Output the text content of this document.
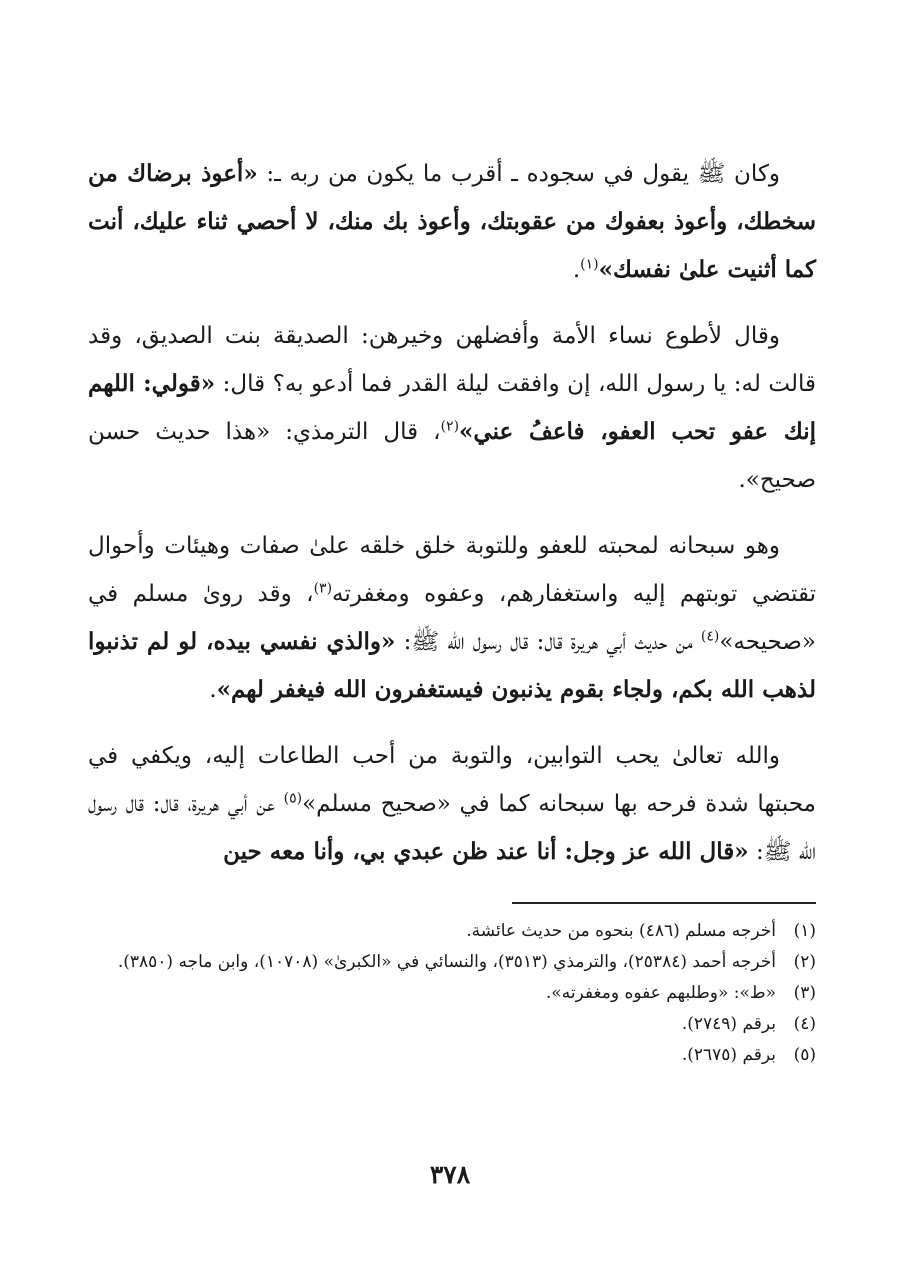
وكان ﷺ يقول في سجوده ـ أقرب ما يكون من ربه ـ: «أعوذ برضاك من سخطك، وأعوذ بعفوك من عقوبتك، وأعوذ بك منك، لا أحصي ثناء عليك، أنت كما أثنيت علىٰ نفسك»$^{(١)}$.

وقال لأطوع نساء الأمة وأفضلهن وخيرهن: الصديقة بنت الصديق، وقد قالت له: يا رسول الله، إن وافقت ليلة القدر فما أدعو به؟ قال: «قولي: اللهم إنك عفو تحب العفو، فاعفُ عني»$^{(٢)}$، قال الترمذي: «هذا حديث حسن صحيح».

وهو سبحانه لمحبته للعفو وللتوبة خلق خلقه علىٰ صفات وهيئات وأحوال تقتضي توبتهم إليه واستغفارهم، وعفوه ومغفرته$^{(٣)}$، وقد روىٰ مسلم في «صحيحه»$^{(٤)}$ من حديث أبي هريرة قال: قال رسول الله ﷺ: «والذي نفسي بيده، لو لم تذنبوا لذهب الله بكم، ولجاء بقوم يذنبون فيستغفرون الله فيغفر لهم».

والله تعالىٰ يحب التوابين، والتوبة من أحب الطاعات إليه، ويكفي في محبتها شدة فرحه بها سبحانه كما في «صحيح مسلم»$^{(٥)}$ عن أبي هريرة، قال: قال رسول الله ﷺ: «قال الله عز وجل: أنا عند ظن عبدي بي، وأنا معه حين

(١)
أخرجه مسلم (٤٨٦) بنحوه من حديث عائشة.
(٢)
أخرجه أحمد (٢٥٣٨٤)، والترمذي (٣٥١٣)، والنسائي في «الكبرىٰ» (١٠٧٠٨)، وابن ماجه (٣٨٥٠).
(٣)
«ط»: «وطلبهم عفوه ومغفرته».
(٤)
برقم (٢٧٤٩).
(٥)
برقم (٢٦٧٥).
٣٧٨
